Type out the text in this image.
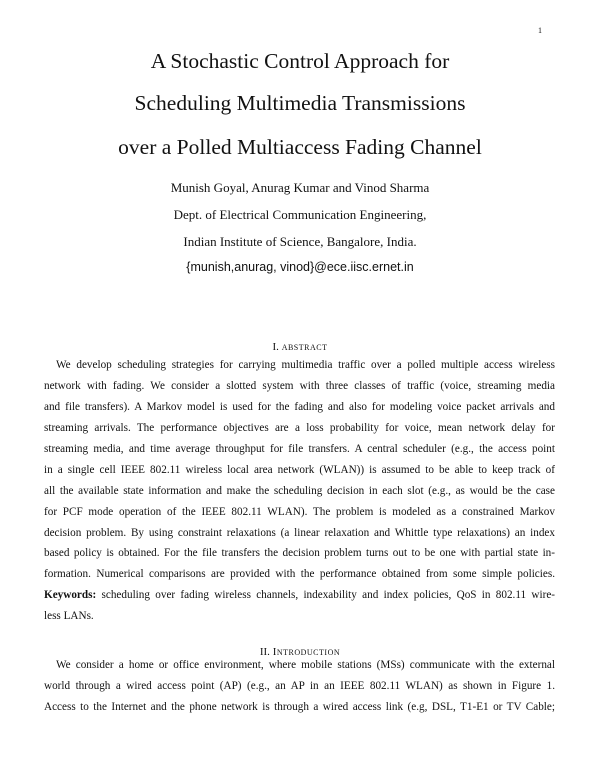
1
A Stochastic Control Approach for
Scheduling Multimedia Transmissions
over a Polled Multiaccess Fading Channel
Munish Goyal, Anurag Kumar and Vinod Sharma
Dept. of Electrical Communication Engineering,
Indian Institute of Science, Bangalore, India.
{munish,anurag, vinod}@ece.iisc.ernet.in
I. abstract
We develop scheduling strategies for carrying multimedia traffic over a polled multiple access wireless
network with fading. We consider a slotted system with three classes of traffic (voice, streaming media
and file transfers). A Markov model is used for the fading and also for modeling voice packet arrivals and
streaming arrivals. The performance objectives are a loss probability for voice, mean network delay for
streaming media, and time average throughput for file transfers. A central scheduler (e.g., the access point
in a single cell IEEE 802.11 wireless local area network (WLAN)) is assumed to be able to keep track of
all the available state information and make the scheduling decision in each slot (e.g., as would be the case
for PCF mode operation of the IEEE 802.11 WLAN). The problem is modeled as a constrained Markov
decision problem. By using constraint relaxations (a linear relaxation and Whittle type relaxations) an index
based policy is obtained. For the file transfers the decision problem turns out to be one with partial state in-
formation. Numerical comparisons are provided with the performance obtained from some simple policies.
Keywords: scheduling over fading wireless channels, indexability and index policies, QoS in 802.11 wire-
less LANs.
II. Introduction
We consider a home or office environment, where mobile stations (MSs) communicate with the external
world through a wired access point (AP) (e.g., an AP in an IEEE 802.11 WLAN) as shown in Figure 1.
Access to the Internet and the phone network is through a wired access link (e.g, DSL, T1-E1 or TV Cable;
